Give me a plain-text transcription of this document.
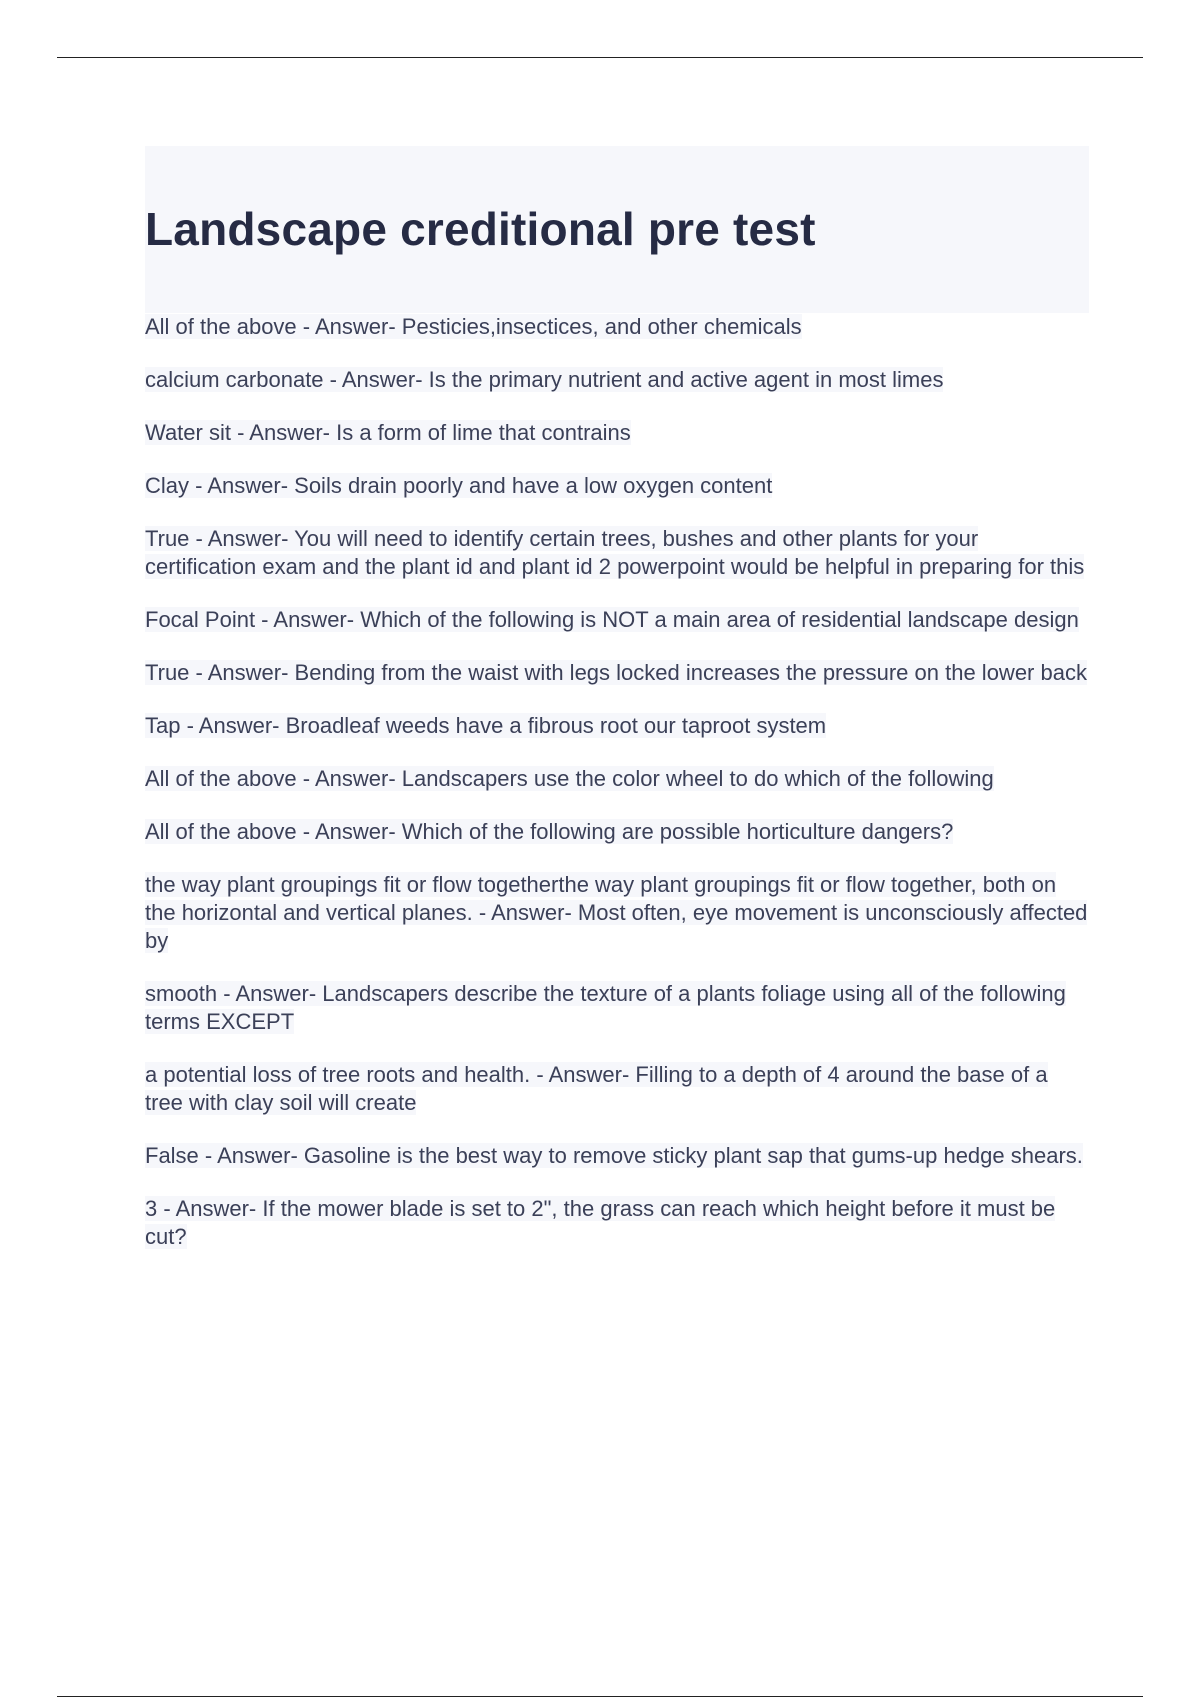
Landscape creditional pre test
All of the above - Answer- Pesticies,insectices, and other chemicals
calcium carbonate - Answer- Is the primary nutrient and active agent in most limes
Water sit - Answer- Is a form of lime that contrains
Clay - Answer- Soils drain poorly and have a low oxygen content
True - Answer- You will need to identify certain trees, bushes and other plants for your certification exam and the plant id and plant id 2 powerpoint would be helpful in preparing for this
Focal Point - Answer- Which of the following is NOT a main area of residential landscape design
True - Answer- Bending from the waist with legs locked increases the pressure on the lower back
Tap - Answer- Broadleaf weeds have a fibrous root our taproot system
All of the above - Answer- Landscapers use the color wheel to do which of the following
All of the above - Answer- Which of the following are possible horticulture dangers?
the way plant groupings fit or flow togetherthe way plant groupings fit or flow together, both on the horizontal and vertical planes. - Answer- Most often, eye movement is unconsciously affected by
smooth - Answer- Landscapers describe the texture of a plants foliage using all of the following terms EXCEPT
a potential loss of tree roots and health. - Answer- Filling to a depth of 4 around the base of a tree with clay soil will create
False - Answer- Gasoline is the best way to remove sticky plant sap that gums-up hedge shears.
3 - Answer- If the mower blade is set to 2", the grass can reach which height before it must be cut?
